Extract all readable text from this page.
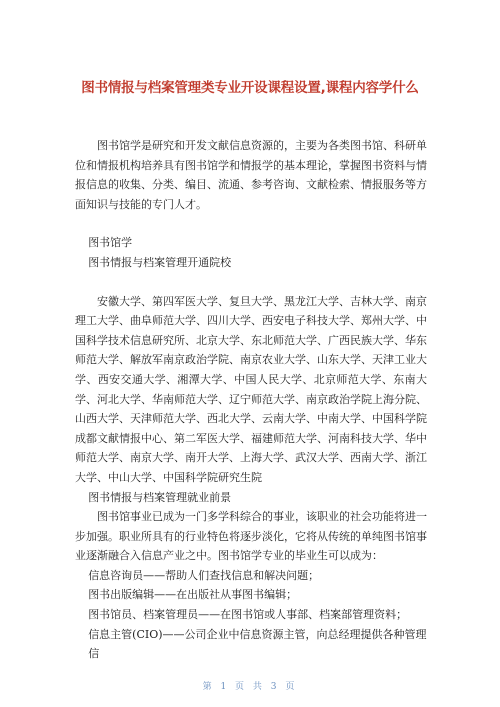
图书情报与档案管理类专业开设课程设置,课程内容学什么

图书馆学是研究和开发文献信息资源的，主要为各类图书馆、科研单位和情报机构培养具有图书馆学和情报学的基本理论，掌握图书资料与情报信息的收集、分类、编目、流通、参考咨询、文献检索、情报服务等方面知识与技能的专门人才。

图书馆学

图书情报与档案管理开通院校

安徽大学、第四军医大学、复旦大学、黑龙江大学、吉林大学、南京理工大学、曲阜师范大学、四川大学、西安电子科技大学、郑州大学、中国科学技术信息研究所、北京大学、东北师范大学、广西民族大学、华东师范大学、解放军南京政治学院、南京农业大学、山东大学、天津工业大学、西安交通大学、湘潭大学、中国人民大学、北京师范大学、东南大学、河北大学、华南师范大学、辽宁师范大学、南京政治学院上海分院、山西大学、天津师范大学、西北大学、云南大学、中南大学、中国科学院成都文献情报中心、第二军医大学、福建师范大学、河南科技大学、华中师范大学、南京大学、南开大学、上海大学、武汉大学、西南大学、浙江大学、中山大学、中国科学院研究生院

图书情报与档案管理就业前景

图书馆事业已成为一门多学科综合的事业，该职业的社会功能将进一步加强。职业所具有的行业特色将逐步淡化，它将从传统的单纯图书馆事业逐渐融合入信息产业之中。图书馆学专业的毕业生可以成为：

信息咨询员——帮助人们查找信息和解决问题；

图书出版编辑——在出版社从事图书编辑；

图书馆员、档案管理员——在图书馆或人事部、档案部管理资料；

信息主管(CIO)——公司企业中信息资源主管，向总经理提供各种管理信

第 1 页 共 3 页
